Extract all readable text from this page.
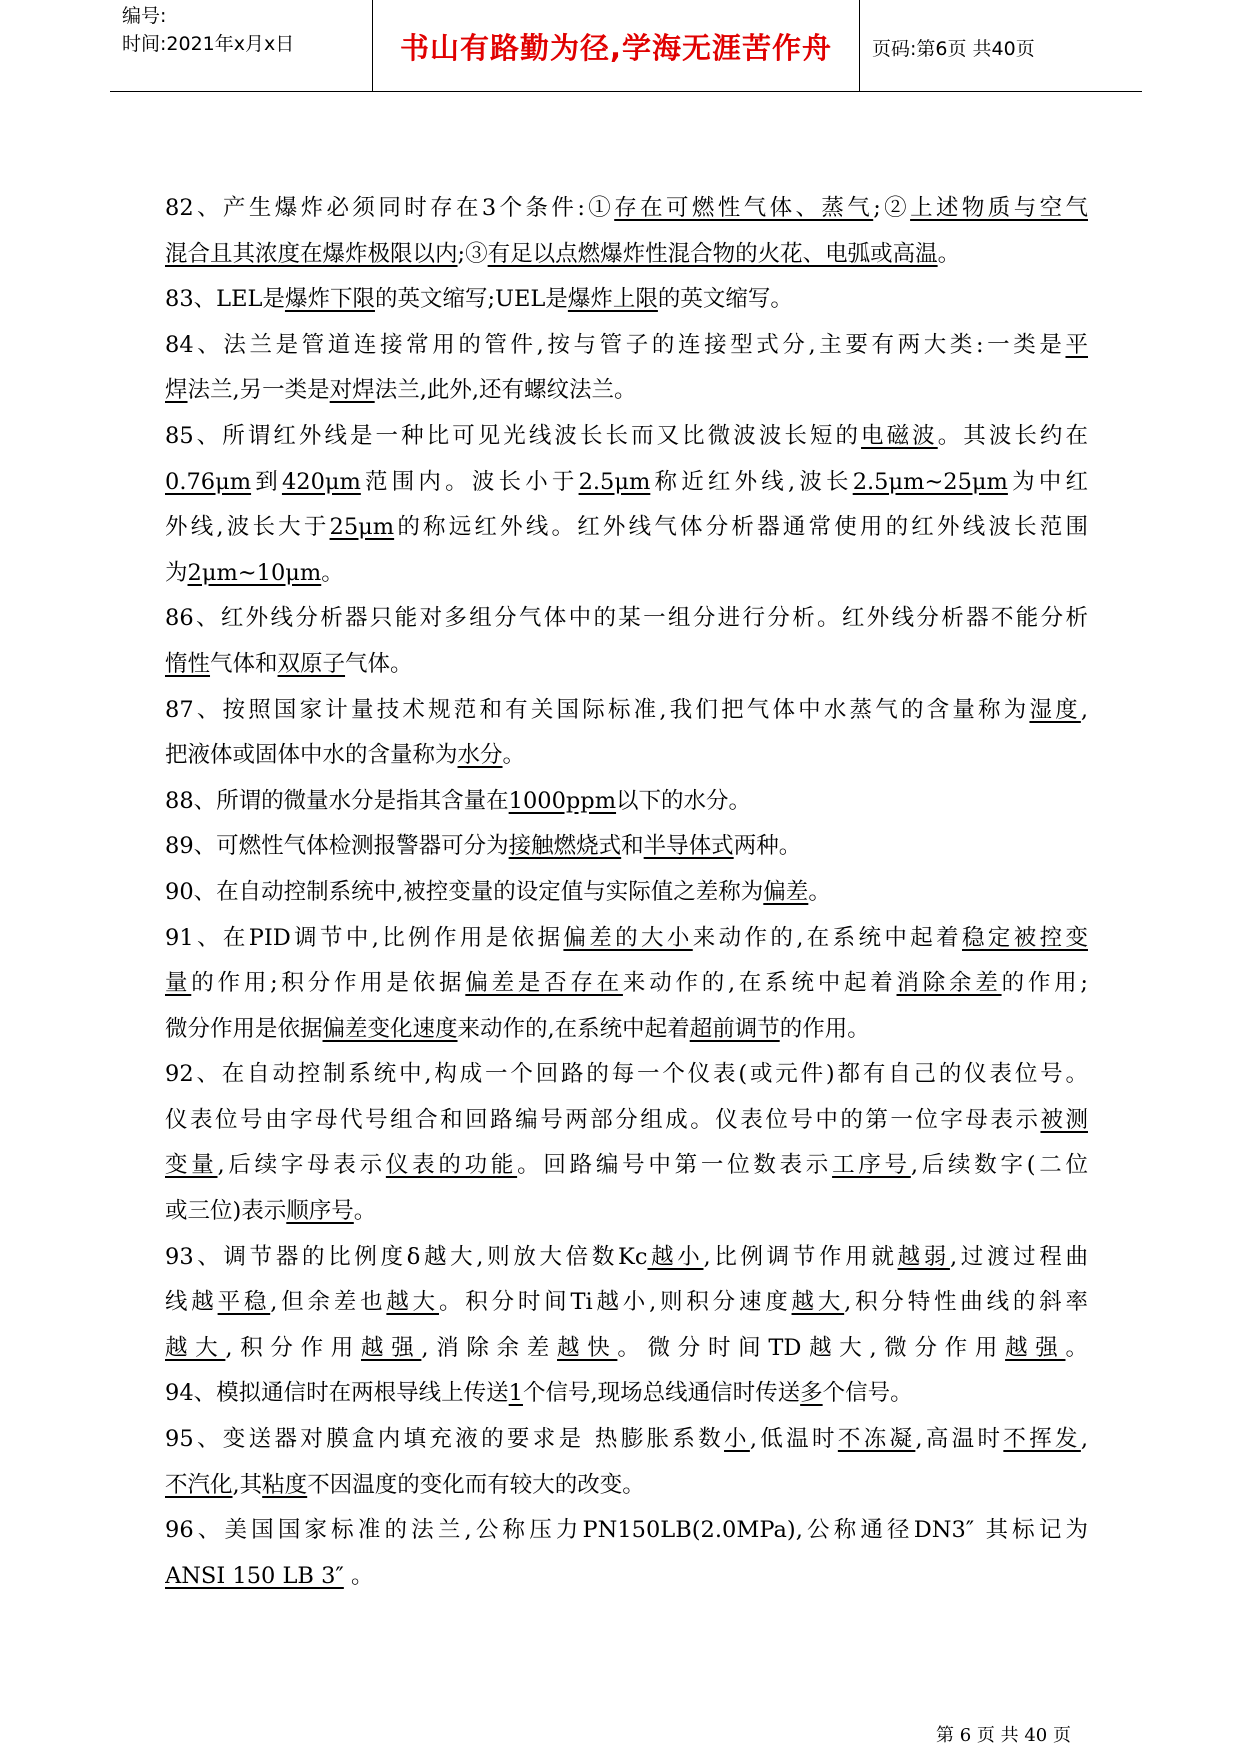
编号:
时间:2021年x月x日	书山有路勤为径,学海无涯苦作舟	页码:第6页 共40页
82、产生爆炸必须同时存在3个条件:①存在可燃性气体、蒸气;②上述物质与空气
混合且其浓度在爆炸极限以内;③有足以点燃爆炸性混合物的火花、电弧或高温。
83、LEL是爆炸下限的英文缩写;UEL是爆炸上限的英文缩写。
84、法兰是管道连接常用的管件,按与管子的连接型式分,主要有两大类:一类是平
焊法兰,另一类是对焊法兰,此外,还有螺纹法兰。
85、所谓红外线是一种比可见光线波长长而又比微波波长短的电磁波。其波长约在
0.76μm到420μm范围内。波长小于2.5μm称近红外线,波长2.5μm~25μm为中红
外线,波长大于25μm的称远红外线。红外线气体分析器通常使用的红外线波长范围
为2μm~10μm。
86、红外线分析器只能对多组分气体中的某一组分进行分析。红外线分析器不能分析
惰性气体和双原子气体。
87、按照国家计量技术规范和有关国际标准,我们把气体中水蒸气的含量称为湿度,
把液体或固体中水的含量称为水分。
88、所谓的微量水分是指其含量在1000ppm以下的水分。
89、可燃性气体检测报警器可分为接触燃烧式和半导体式两种。
90、在自动控制系统中,被控变量的设定值与实际值之差称为偏差。
91、在PID调节中,比例作用是依据偏差的大小来动作的,在系统中起着稳定被控变
量的作用;积分作用是依据偏差是否存在来动作的,在系统中起着消除余差的作用;
微分作用是依据偏差变化速度来动作的,在系统中起着超前调节的作用。
92、在自动控制系统中,构成一个回路的每一个仪表(或元件)都有自己的仪表位号。
仪表位号由字母代号组合和回路编号两部分组成。仪表位号中的第一位字母表示被测
变量,后续字母表示仪表的功能。回路编号中第一位数表示工序号,后续数字(二位
或三位)表示顺序号。
93、调节器的比例度δ越大,则放大倍数Kc越小,比例调节作用就越弱,过渡过程曲
线越平稳,但余差也越大。积分时间Ti越小,则积分速度越大,积分特性曲线的斜率
越大,积分作用越强,消除余差越快。微分时间TD越大,微分作用越强。
94、模拟通信时在两根导线上传送1个信号,现场总线通信时传送多个信号。
95、变送器对膜盒内填充液的要求是 热膨胀系数小,低温时不冻凝,高温时不挥发,
不汽化,其粘度不因温度的变化而有较大的改变。
96、美国国家标准的法兰,公称压力PN150LB(2.0MPa),公称通径DN3″ 其标记为
ANSI 150 LB 3″ 。
第 6 页 共 40 页
